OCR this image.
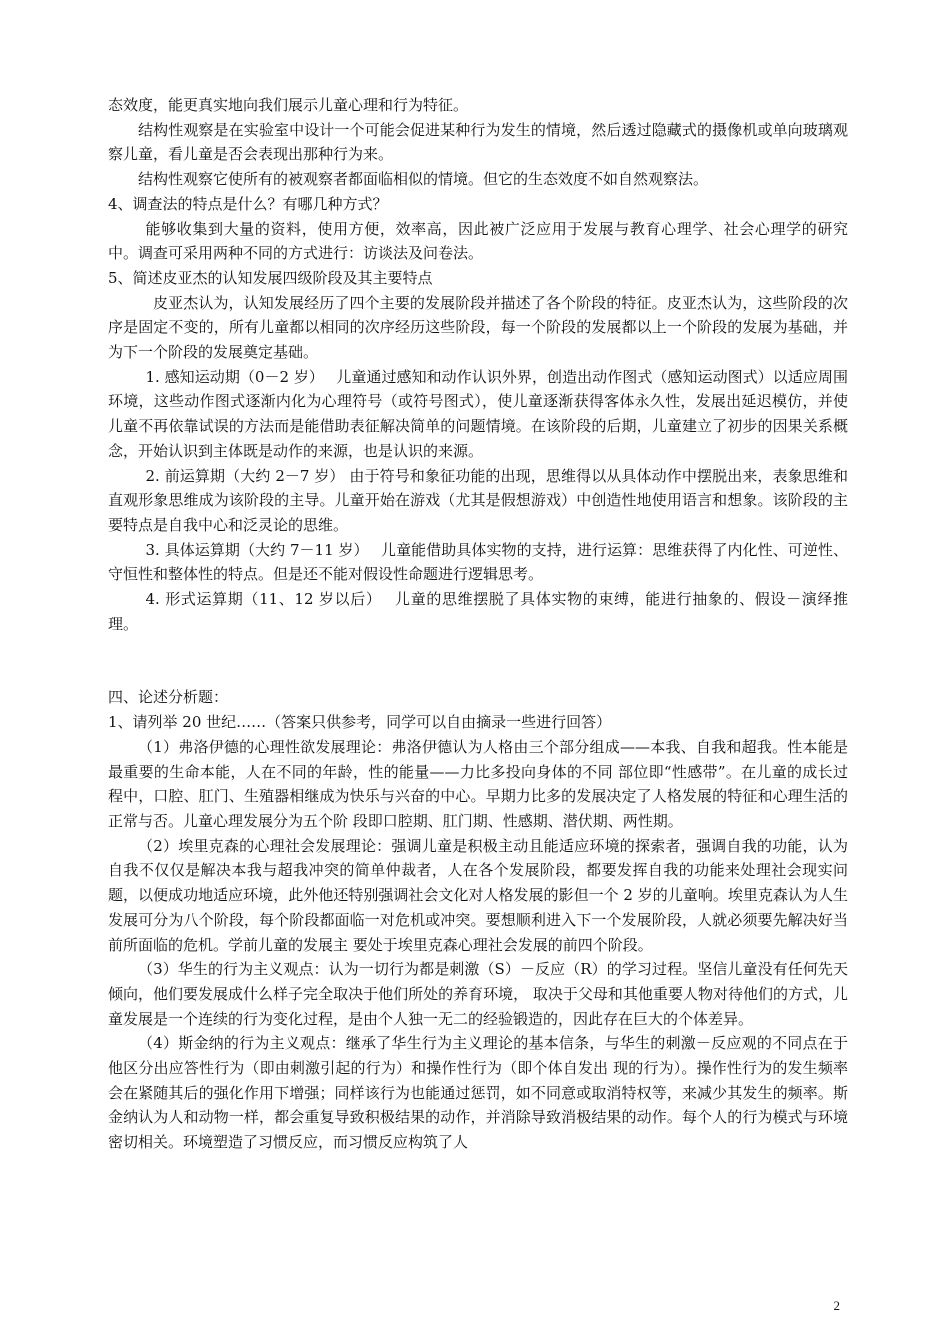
态效度，能更真实地向我们展示儿童心理和行为特征。

结构性观察是在实验室中设计一个可能会促进某种行为发生的情境，然后透过隐藏式的摄像机或单向玻璃观察儿童，看儿童是否会表现出那种行为来。

结构性观察它使所有的被观察者都面临相似的情境。但它的生态效度不如自然观察法。

4、调查法的特点是什么？有哪几种方式？

能够收集到大量的资料，使用方便，效率高，因此被广泛应用于发展与教育心理学、社会心理学的研究中。调查可采用两种不同的方式进行：访谈法及问卷法。

5、简述皮亚杰的认知发展四级阶段及其主要特点

皮亚杰认为，认知发展经历了四个主要的发展阶段并描述了各个阶段的特征。皮亚杰认为，这些阶段的次序是固定不变的，所有儿童都以相同的次序经历这些阶段，每一个阶段的发展都以上一个阶段的发展为基础，并为下一个阶段的发展奠定基础。

1. 感知运动期（0－2 岁）　 儿童通过感知和动作认识外界，创造出动作图式（感知运动图式）以适应周围环境，这些动作图式逐渐内化为心理符号（或符号图式），使儿童逐渐获得客体永久性，发展出延迟模仿，并使儿童不再依靠试误的方法而是能借助表征解决简单的问题情境。在该阶段的后期，儿童建立了初步的因果关系概念，开始认识到主体既是动作的来源，也是认识的来源。

2. 前运算期（大约 2－7 岁） 由于符号和象征功能的出现，思维得以从具体动作中摆脱出来，表象思维和直观形象思维成为该阶段的主导。儿童开始在游戏（尤其是假想游戏）中创造性地使用语言和想象。该阶段的主要特点是自我中心和泛灵论的思维。

3. 具体运算期（大约 7－11 岁）　 儿童能借助具体实物的支持，进行运算：思维获得了内化性、可逆性、守恒性和整体性的特点。但是还不能对假设性命题进行逻辑思考。

4. 形式运算期（11、12 岁以后）　 儿童的思维摆脱了具体实物的束缚，能进行抽象的、假设－演绎推理。

四、论述分析题：

1、请列举 20 世纪……（答案只供参考，同学可以自由摘录一些进行回答）

（1）弗洛伊德的心理性欲发展理论：弗洛伊德认为人格由三个部分组成——本我、自我和超我。性本能是最重要的生命本能，人在不同的年龄，性的能量——力比多投向身体的不同 部位即“性感带”。在儿童的成长过程中，口腔、肛门、生殖器相继成为快乐与兴奋的中心。早期力比多的发展决定了人格发展的特征和心理生活的正常与否。儿童心理发展分为五个阶 段即口腔期、肛门期、性感期、潜伏期、两性期。

（2）埃里克森的心理社会发展理论：强调儿童是积极主动且能适应环境的探索者，强调自我的功能，认为自我不仅仅是解决本我与超我冲突的简单仲裁者，人在各个发展阶段，都要发挥自我的功能来处理社会现实问题，以便成功地适应环境，此外他还特别强调社会文化对人格发展的影但一个 2 岁的儿童响。埃里克森认为人生发展可分为八个阶段，每个阶段都面临一对危机或冲突。要想顺利进入下一个发展阶段，人就必须要先解决好当前所面临的危机。学前儿童的发展主 要处于埃里克森心理社会发展的前四个阶段。

（3）华生的行为主义观点：认为一切行为都是刺激（S）－反应（R）的学习过程。坚信儿童没有任何先天倾向，他们要发展成什么样子完全取决于他们所处的养育环境， 取决于父母和其他重要人物对待他们的方式，儿童发展是一个连续的行为变化过程，是由个人独一无二的经验锻造的，因此存在巨大的个体差异。

（4）斯金纳的行为主义观点：继承了华生行为主义理论的基本信条，与华生的刺激－反应观的不同点在于他区分出应答性行为（即由刺激引起的行为）和操作性行为（即个体自发出 现的行为）。操作性行为的发生频率会在紧随其后的强化作用下增强；同样该行为也能通过惩罚，如不同意或取消特权等，来减少其发生的频率。斯金纳认为人和动物一样，都会重复导致积极结果的动作，并消除导致消极结果的动作。每个人的行为模式与环境密切相关。环境塑造了习惯反应，而习惯反应构筑了人

2
